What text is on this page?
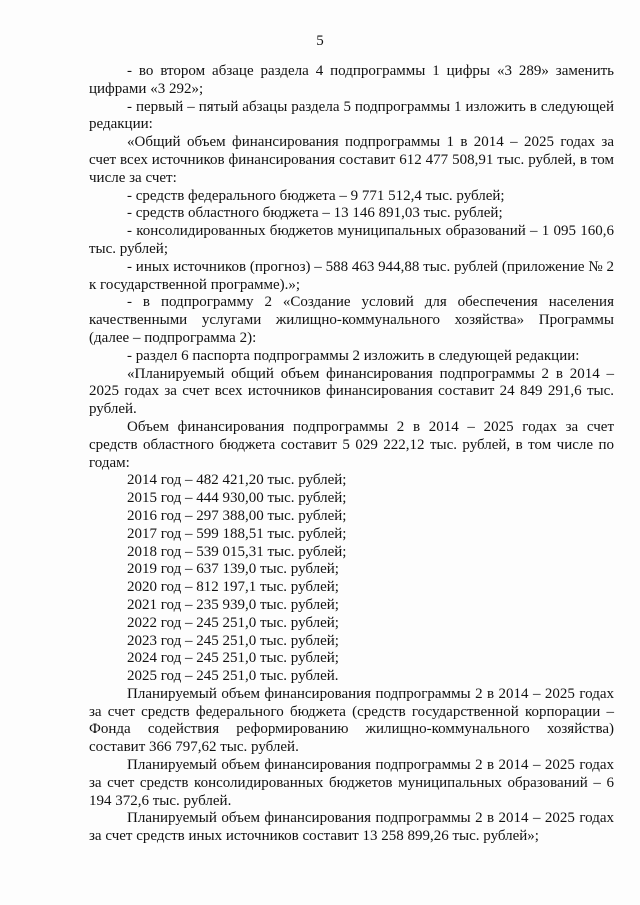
5

- во втором абзаце раздела 4 подпрограммы 1 цифры «3 289» заменить цифрами «3 292»;

- первый – пятый абзацы раздела 5 подпрограммы 1 изложить в следующей редакции:

«Общий объем финансирования подпрограммы 1 в 2014 – 2025 годах за счет всех источников финансирования составит 612 477 508,91 тыс. рублей, в том числе за счет:

- средств федерального бюджета – 9 771 512,4 тыс. рублей;

- средств областного бюджета – 13 146 891,03 тыс. рублей;

- консолидированных бюджетов муниципальных образований – 1 095 160,6 тыс. рублей;

- иных источников (прогноз) – 588 463 944,88 тыс. рублей (приложение № 2 к государственной программе).»;

- в подпрограмму 2 «Создание условий для обеспечения населения качественными услугами жилищно-коммунального хозяйства» Программы (далее – подпрограмма 2):

- раздел 6 паспорта подпрограммы 2 изложить в следующей редакции:

«Планируемый общий объем финансирования подпрограммы 2 в 2014 – 2025 годах за счет всех источников финансирования составит 24 849 291,6 тыс. рублей.

Объем финансирования подпрограммы 2 в 2014 – 2025 годах за счет средств областного бюджета составит 5 029 222,12 тыс. рублей, в том числе по годам:

2014 год – 482 421,20 тыс. рублей;
2015 год – 444 930,00 тыс. рублей;
2016 год – 297 388,00 тыс. рублей;
2017 год – 599 188,51 тыс. рублей;
2018 год – 539 015,31 тыс. рублей;
2019 год – 637 139,0 тыс. рублей;
2020 год – 812 197,1 тыс. рублей;
2021 год – 235 939,0 тыс. рублей;
2022 год – 245 251,0 тыс. рублей;
2023 год – 245 251,0 тыс. рублей;
2024 год – 245 251,0 тыс. рублей;
2025 год – 245 251,0 тыс. рублей.

Планируемый объем финансирования подпрограммы 2 в 2014 – 2025 годах за счет средств федерального бюджета (средств государственной корпорации – Фонда содействия реформированию жилищно-коммунального хозяйства) составит 366 797,62 тыс. рублей.

Планируемый объем финансирования подпрограммы 2 в 2014 – 2025 годах за счет средств консолидированных бюджетов муниципальных образований – 6 194 372,6 тыс. рублей.

Планируемый объем финансирования подпрограммы 2 в 2014 – 2025 годах за счет средств иных источников составит 13 258 899,26 тыс. рублей»;
